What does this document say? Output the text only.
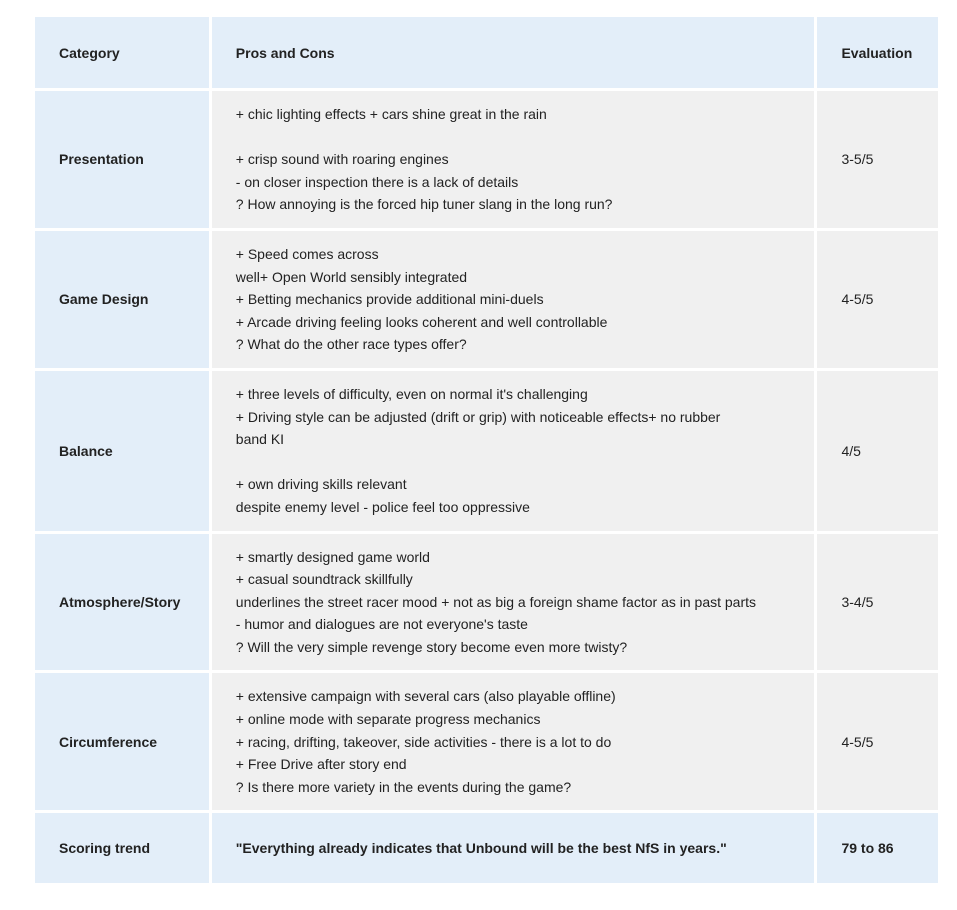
Category	Pros and Cons	Evaluation

Presentation	+ chic lighting effects + cars shine great in the rain
+ crisp sound with roaring engines
- on closer inspection there is a lack of details
? How annoying is the forced hip tuner slang in the long run?	3-5/5

Game Design	+ Speed comes across
well+ Open World sensibly integrated
+ Betting mechanics provide additional mini-duels
+ Arcade driving feeling looks coherent and well controllable
? What do the other race types offer?	4-5/5

Balance	+ three levels of difficulty, even on normal it's challenging
+ Driving style can be adjusted (drift or grip) with noticeable effects+ no rubber
band KI
+ own driving skills relevant
despite enemy level - police feel too oppressive	4/5

Atmosphere/Story	+ smartly designed game world
+ casual soundtrack skillfully
underlines the street racer mood + not as big a foreign shame factor as in past parts
- humor and dialogues are not everyone's taste
? Will the very simple revenge story become even more twisty?	3-4/5

Circumference	+ extensive campaign with several cars (also playable offline)
+ online mode with separate progress mechanics
+ racing, drifting, takeover, side activities - there is a lot to do
+ Free Drive after story end
? Is there more variety in the events during the game?	4-5/5

Scoring trend	"Everything already indicates that Unbound will be the best NfS in years."	79 to 86
